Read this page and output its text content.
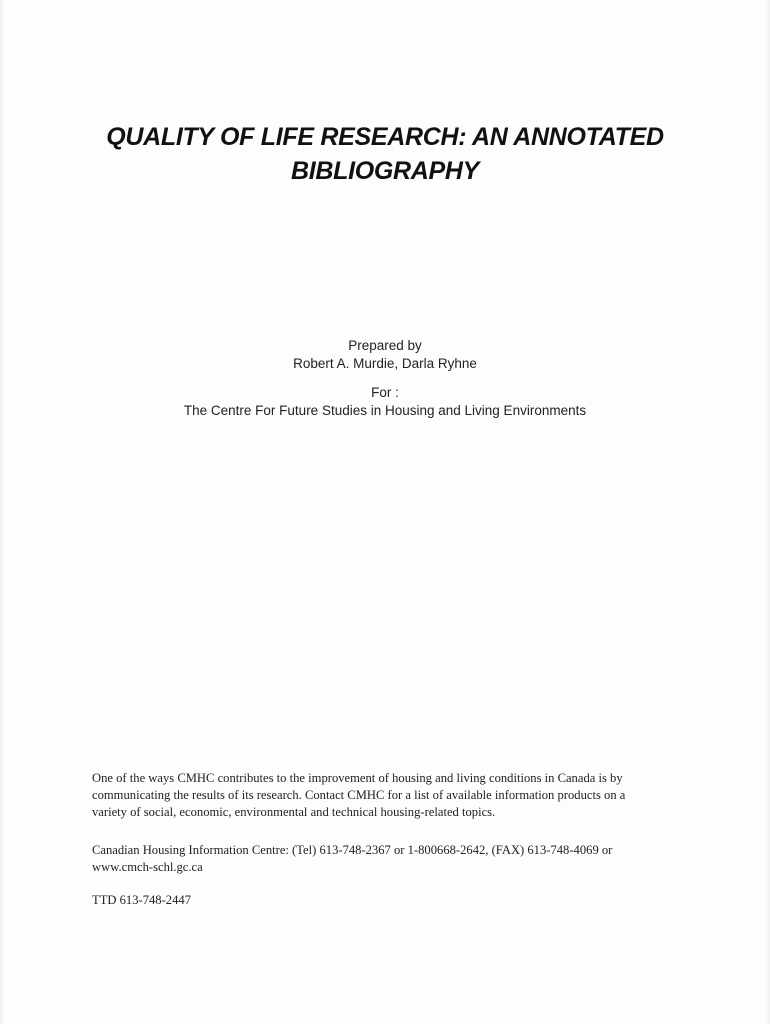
QUALITY OF LIFE RESEARCH: AN ANNOTATED
BIBLIOGRAPHY
Prepared by
Robert A. Murdie, Darla Ryhne
For :
The Centre For Future Studies in Housing and Living Environments
One of the ways CMHC contributes to the improvement of housing and living conditions in Canada is by
communicating the results of its research. Contact CMHC for a list of available information products on a
variety of social, economic, environmental and technical housing-related topics.
Canadian Housing Information Centre: (Tel) 613-748-2367 or 1-800668-2642, (FAX) 613-748-4069 or
www.cmch-schl.gc.ca
TTD 613-748-2447
